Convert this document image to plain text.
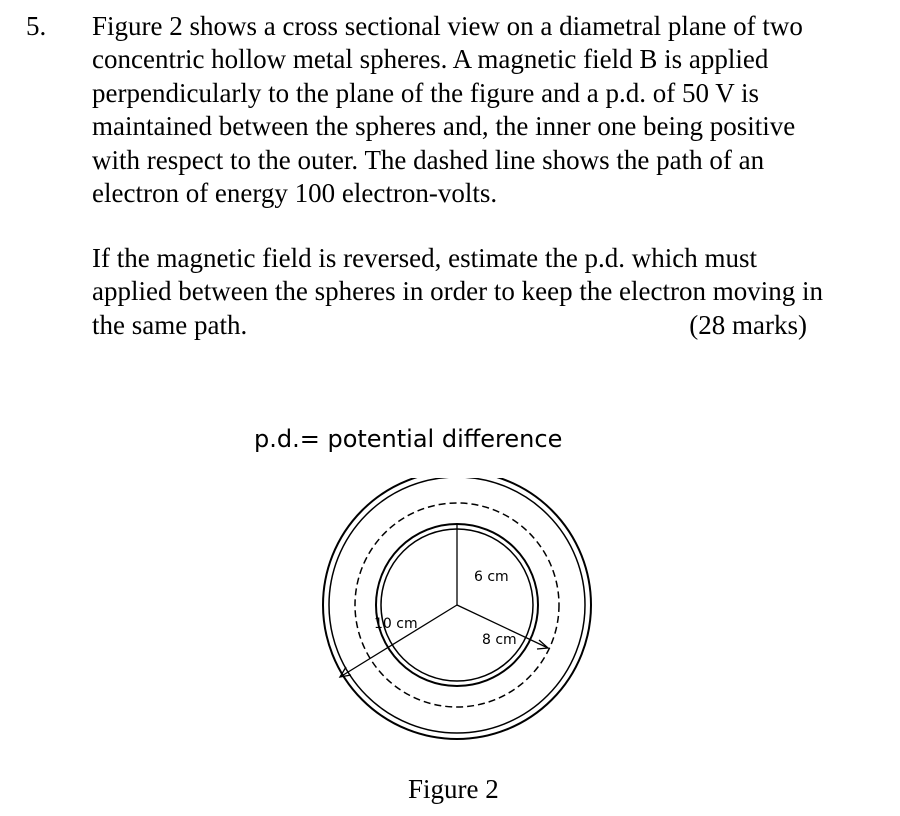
5. Figure 2 shows a cross sectional view on a diametral plane of two
concentric hollow metal spheres. A magnetic field B is applied
perpendicularly to the plane of the figure and a p.d. of 50 V is
maintained between the spheres and, the inner one being positive
with respect to the outer. The dashed line shows the path of an
electron of energy 100 electron-volts.
If the magnetic field is reversed, estimate the p.d. which must
applied between the spheres in order to keep the electron moving in
the same path.	(28 marks)
p.d.= potential difference
6 cm
8 cm
10 cm
Figure 2
